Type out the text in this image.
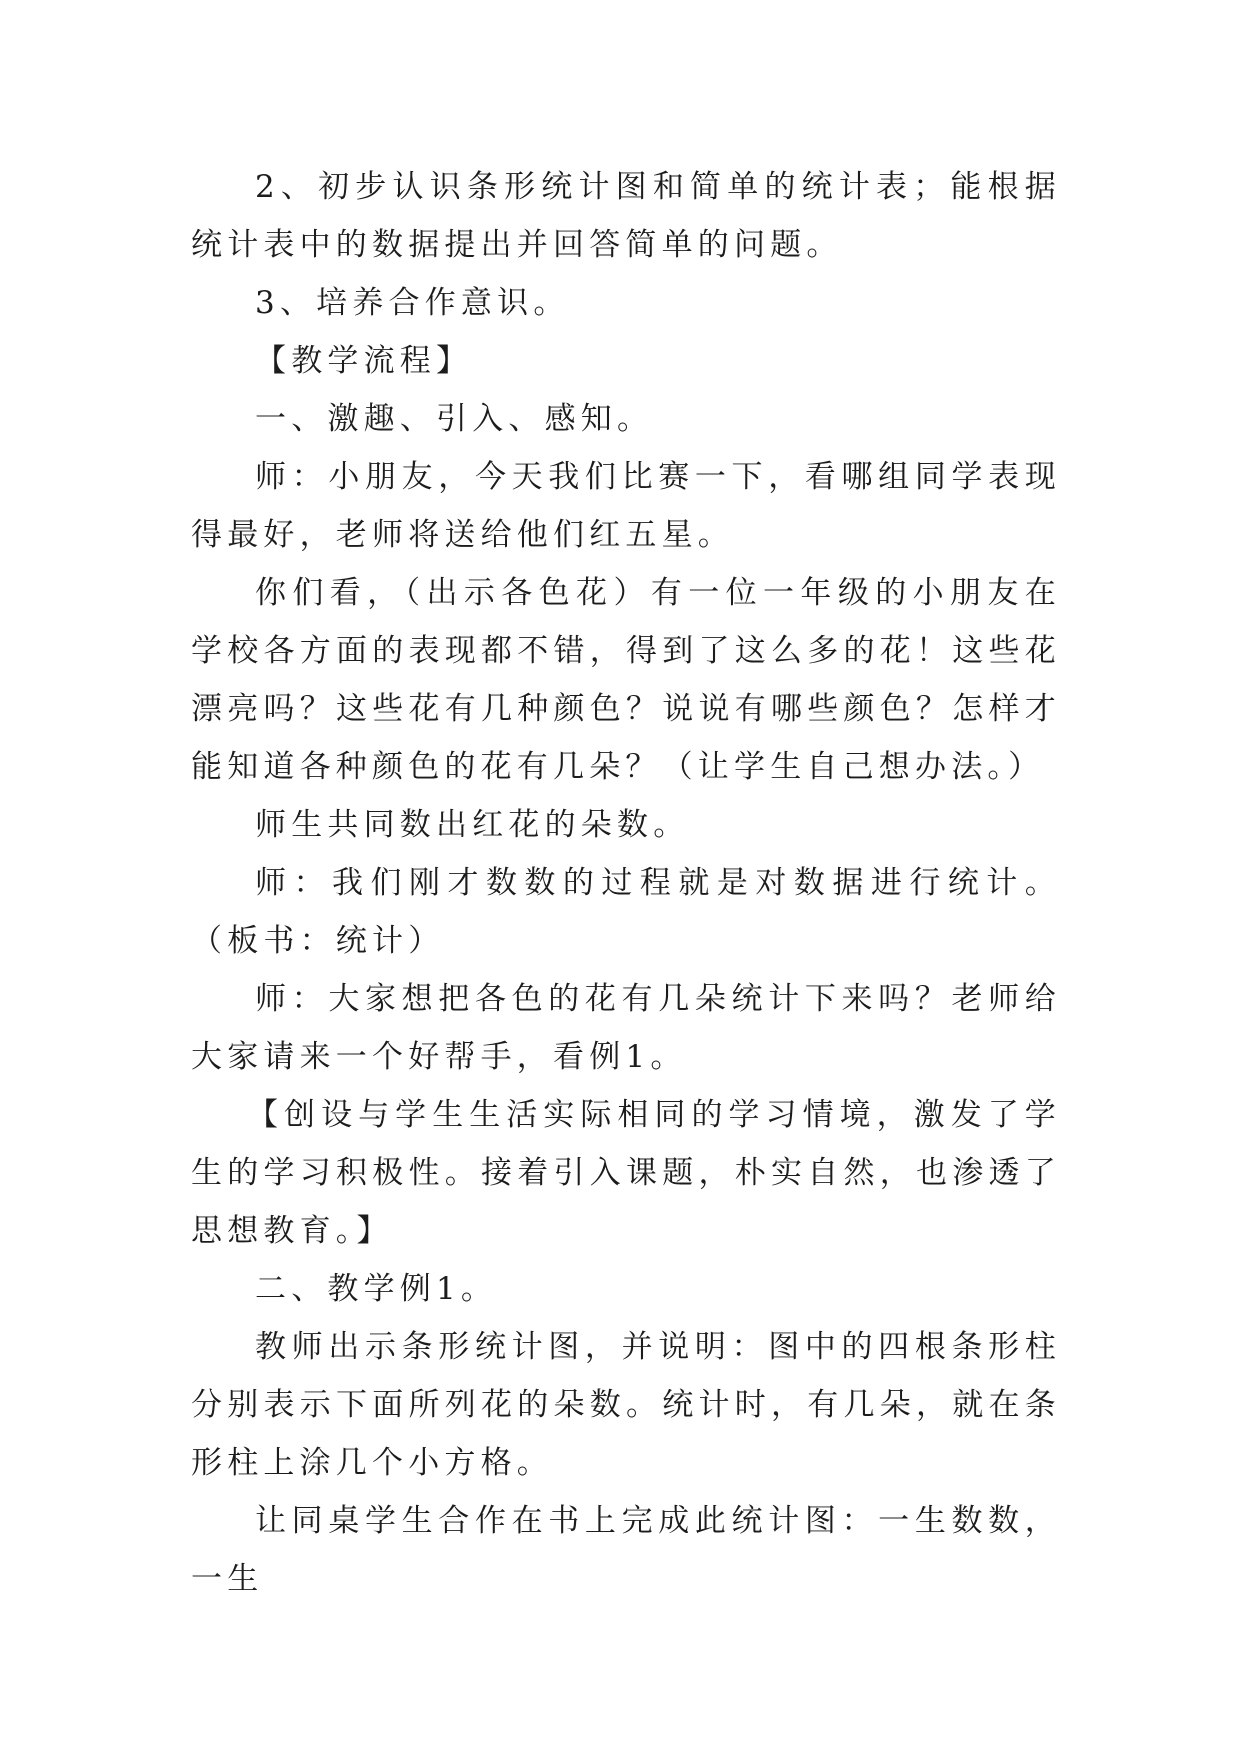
2、初步认识条形统计图和简单的统计表；能根据统计表中的数据提出并回答简单的问题。

3、培养合作意识。

【教学流程】

一、激趣、引入、感知。

师：小朋友，今天我们比赛一下，看哪组同学表现得最好，老师将送给他们红五星。

你们看，（出示各色花）有一位一年级的小朋友在学校各方面的表现都不错，得到了这么多的花！这些花漂亮吗？这些花有几种颜色？说说有哪些颜色？怎样才能知道各种颜色的花有几朵？（让学生自己想办法。）

师生共同数出红花的朵数。

师：我们刚才数数的过程就是对数据进行统计。（板书：统计）

师：大家想把各色的花有几朵统计下来吗？老师给大家请来一个好帮手，看例1。

【创设与学生生活实际相同的学习情境，激发了学生的学习积极性。接着引入课题，朴实自然，也渗透了思想教育。】

二、教学例1。

教师出示条形统计图，并说明：图中的四根条形柱分别表示下面所列花的朵数。统计时，有几朵，就在条形柱上涂几个小方格。

让同桌学生合作在书上完成此统计图：一生数数，一生
